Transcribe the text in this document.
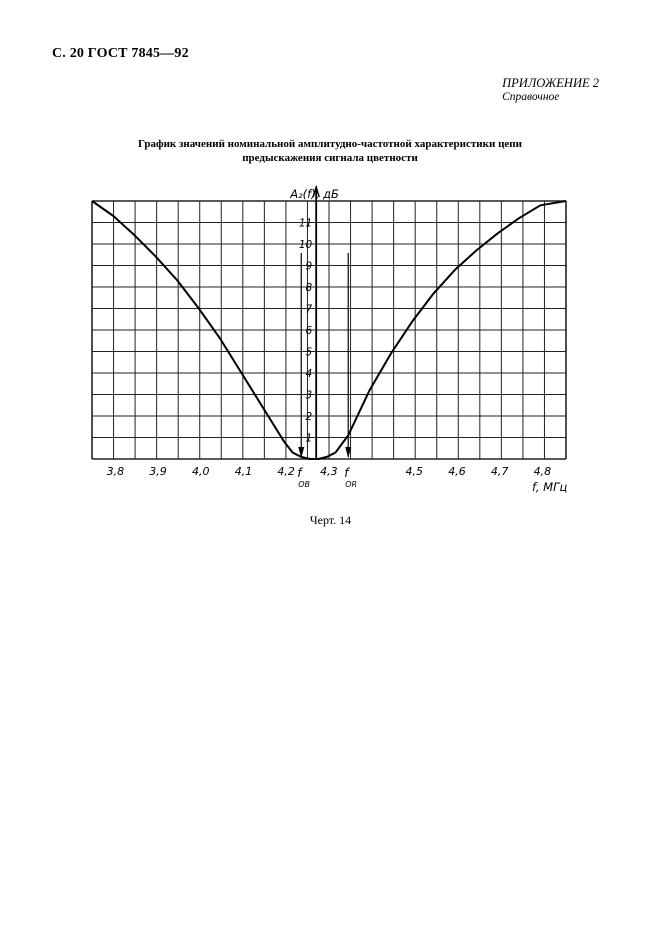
С. 20 ГОСТ 7845—92
ПРИЛОЖЕНИЕ 2
Справочное
График значений номинальной амплитудно-частотной характеристики цепи
предыскажения сигнала цветности
3,8 3,9 4,0 4,1 4,2 4,3	4,5 4,6 4,7 4,8
1
2
3
4
5
6
7
8
9
10
11
A₂(f), дБ
f, МГц
f
ОВ
f
ОR
Черт. 14
